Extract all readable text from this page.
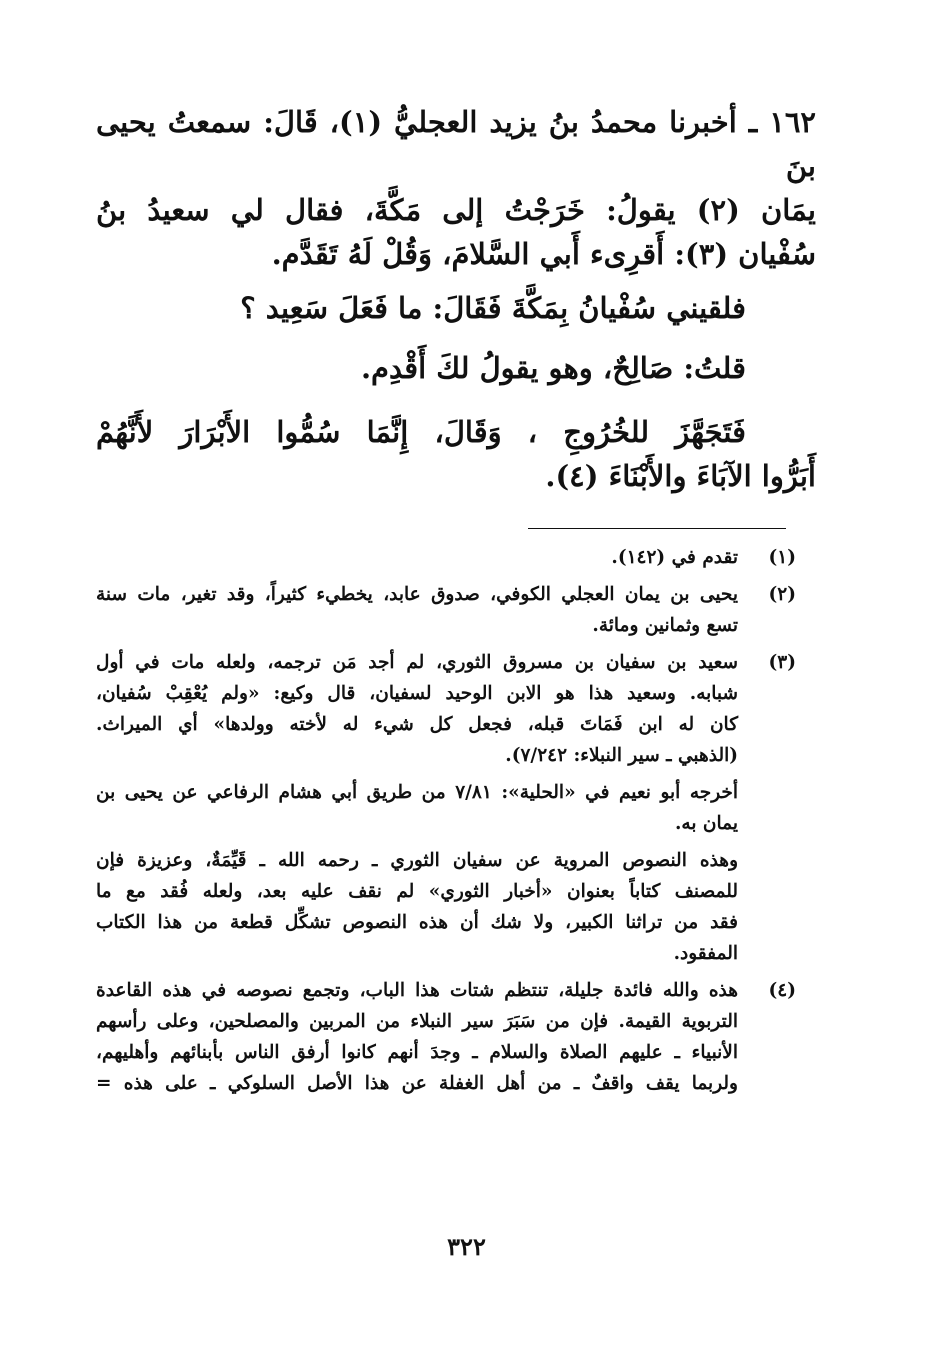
١٦٢ ـ أخبرنا محمدُ بنُ يزيد العجليُّ (١)، قَالَ: سمعتُ يحيى بنَ
يمَان (٢) يقولُ: خَرَجْتُ إلى مَكَّةَ، فقال لي سعيدُ بنُ
سُفْيان (٣): أَقرِىء أَبي السَّلامَ، وَقُلْ لَهُ تَقَدَّم.

فلقيني سُفْيانُ بِمَكَّةَ فَقَالَ: ما فَعَلَ سَعِيد ؟

قلتُ: صَالِحٌ، وهو يقولُ لكَ أَقْدِم.

فَتَجَهَّزَ للخُرُوجِ ، وَقَالَ، إِنَّمَا سُمُّوا الأَبْرَارَ لأَنَّهُمْ
أَبَرُّوا الآبَاءَ والأَبْنَاءَ (٤).

(١)
تقدم في (١٤٢).
(٢)
يحيى بن يمان العجلي الكوفي، صدوق عابد، يخطيء كثيراً، وقد تغير، مات سنة
تسع وثمانين ومائة.
(٣)
سعيد بن سفيان بن مسروق الثوري، لم أجد مَن ترجمه، ولعله مات في أول
شبابه. وسعيد هذا هو الابن الوحيد لسفيان، قال وكيع: «ولم يُعْقِبْ سُفيان،
كان له ابن فَمَاتَ قبله، فجعل كل شيء له لأخته وولدها» أي الميراث.
(الذهبي ـ سير النبلاء: ٧/٢٤٢).
أخرجه أبو نعيم في «الحلية»: ٧/٨١ من طريق أبي هشام الرفاعي عن يحيى بن
يمان به.
وهذه النصوص المروية عن سفيان الثوري ـ رحمه الله ـ قَيِّمَةٌ، وعزيزة فإن
للمصنف كتاباً بعنوان «أخبار الثوري» لم نقف عليه بعد، ولعله فُقد مع ما
فقد من تراثنا الكبير، ولا شك أن هذه النصوص تشكِّل قطعة من هذا الكتاب
المفقود.
(٤)
هذه والله فائدة جليلة، تنتظم شتات هذا الباب، وتجمع نصوصه في هذه القاعدة
التربوية القيمة. فإن من سَبَرَ سير النبلاء من المربين والمصلحين، وعلى رأسهم
الأنبياء ـ عليهم الصلاة والسلام ـ وجدَ أنهم كانوا أرفق الناس بأبنائهم وأهليهم،
ولربما يقف واقفٌ ـ من أهل الغفلة عن هذا الأصل السلوكي ـ على هذه =
٣٢٢
